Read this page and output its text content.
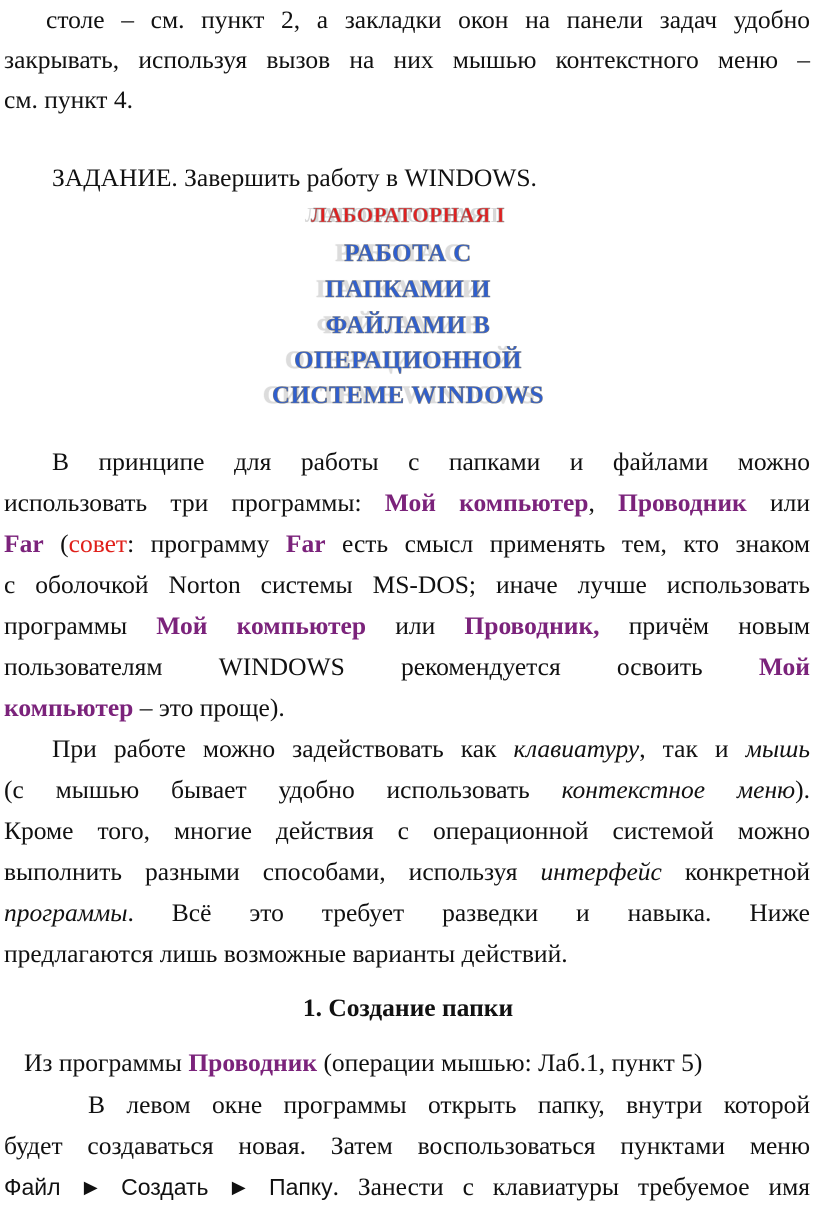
столе – см. пункт 2, а закладки окон на панели задач удобно
закрывать, используя вызов на них мышью контекстного меню –
см. пункт 4.
ЗАДАНИЕ. Завершить работу в WINDOWS.
ЛАБОРАТОРНАЯ I
РАБОТА С
ПАПКАМИ И
ФАЙЛАМИ В
ОПЕРАЦИОННОЙ
СИСТЕМЕ WINDOWS
В принципе для работы с папками и файлами можно
использовать три программы: Мой компьютер, Проводник или
Far (совет: программу Far есть смысл применять тем, кто знаком
с оболочкой Norton системы MS-DOS; иначе лучше использовать
программы Мой компьютер или Проводник, причём новым
пользователям WINDOWS рекомендуется освоить Мой
компьютер – это проще).
При работе можно задействовать как клавиатуру, так и мышь
(с мышью бывает удобно использовать контекстное меню).
Кроме того, многие действия с операционной системой можно
выполнить разными способами, используя интерфейс конкретной
программы. Всё это требует разведки и навыка. Ниже
предлагаются лишь возможные варианты действий.
1. Создание папки
Из программы Проводник (операции мышью: Лаб.1, пункт 5)
В левом окне программы открыть папку, внутри которой
будет создаваться новая. Затем воспользоваться пунктами меню
Файл ► Создать ► Папку. Занести с клавиатуры требуемое имя
